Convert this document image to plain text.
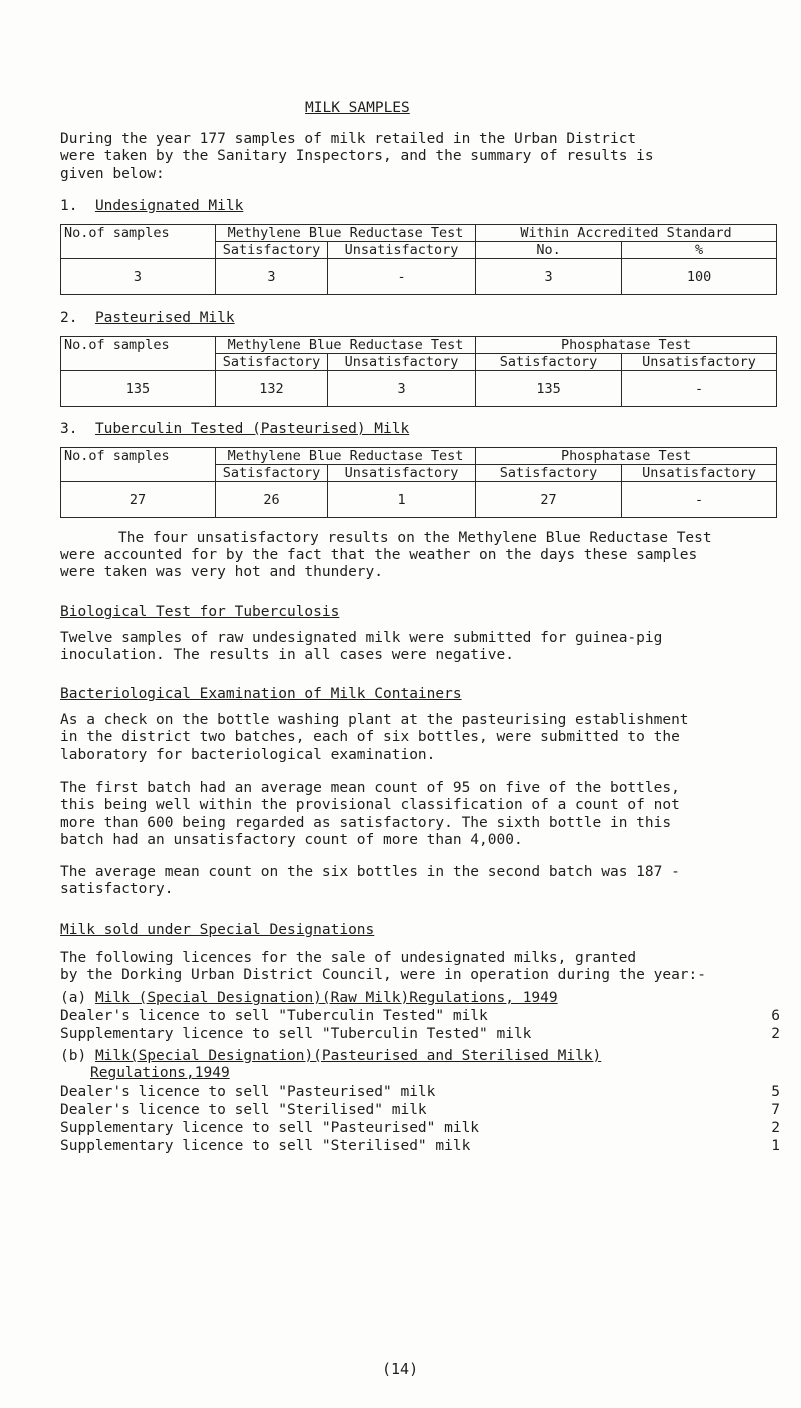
MILK SAMPLES
During the year 177 samples of milk retailed in the Urban District
were taken by the Sanitary Inspectors, and the summary of results is
given below:
1. Undesignated Milk
No.of samples	Methylene Blue Reductase Test		Within Accredited Standard	
	Satisfactory	Unsatisfactory	No.	%
3	3	-	3	100
2. Pasteurised Milk
No.of samples	Methylene Blue Reductase Test		Phosphatase Test	
	Satisfactory	Unsatisfactory	Satisfactory	Unsatisfactory
135	132	3	135	-
3. Tuberculin Tested (Pasteurised) Milk
No.of samples	Methylene Blue Reductase Test		Phosphatase Test	
	Satisfactory	Unsatisfactory	Satisfactory	Unsatisfactory
27	26	1	27	-
The four unsatisfactory results on the Methylene Blue Reductase Test
were accounted for by the fact that the weather on the days these samples
were taken was very hot and thundery.
Biological Test for Tuberculosis
Twelve samples of raw undesignated milk were submitted for guinea-pig
inoculation. The results in all cases were negative.
Bacteriological Examination of Milk Containers
As a check on the bottle washing plant at the pasteurising establishment
in the district two batches, each of six bottles, were submitted to the
laboratory for bacteriological examination.
The first batch had an average mean count of 95 on five of the bottles,
this being well within the provisional classification of a count of not
more than 600 being regarded as satisfactory. The sixth bottle in this
batch had an unsatisfactory count of more than 4,000.
The average mean count on the six bottles in the second batch was 187 -
satisfactory.
Milk sold under Special Designations
The following licences for the sale of undesignated milks, granted
by the Dorking Urban District Council, were in operation during the year:-
(a) Milk (Special Designation)(Raw Milk)Regulations, 1949
Dealer's licence to sell "Tuberculin Tested" milk	6
Supplementary licence to sell "Tuberculin Tested" milk	2
(b) Milk(Special Designation)(Pasteurised and Sterilised Milk)
Regulations,1949
Dealer's licence to sell "Pasteurised" milk	5
Dealer's licence to sell "Sterilised" milk	7
Supplementary licence to sell "Pasteurised" milk	2
Supplementary licence to sell "Sterilised" milk	1
(14)
